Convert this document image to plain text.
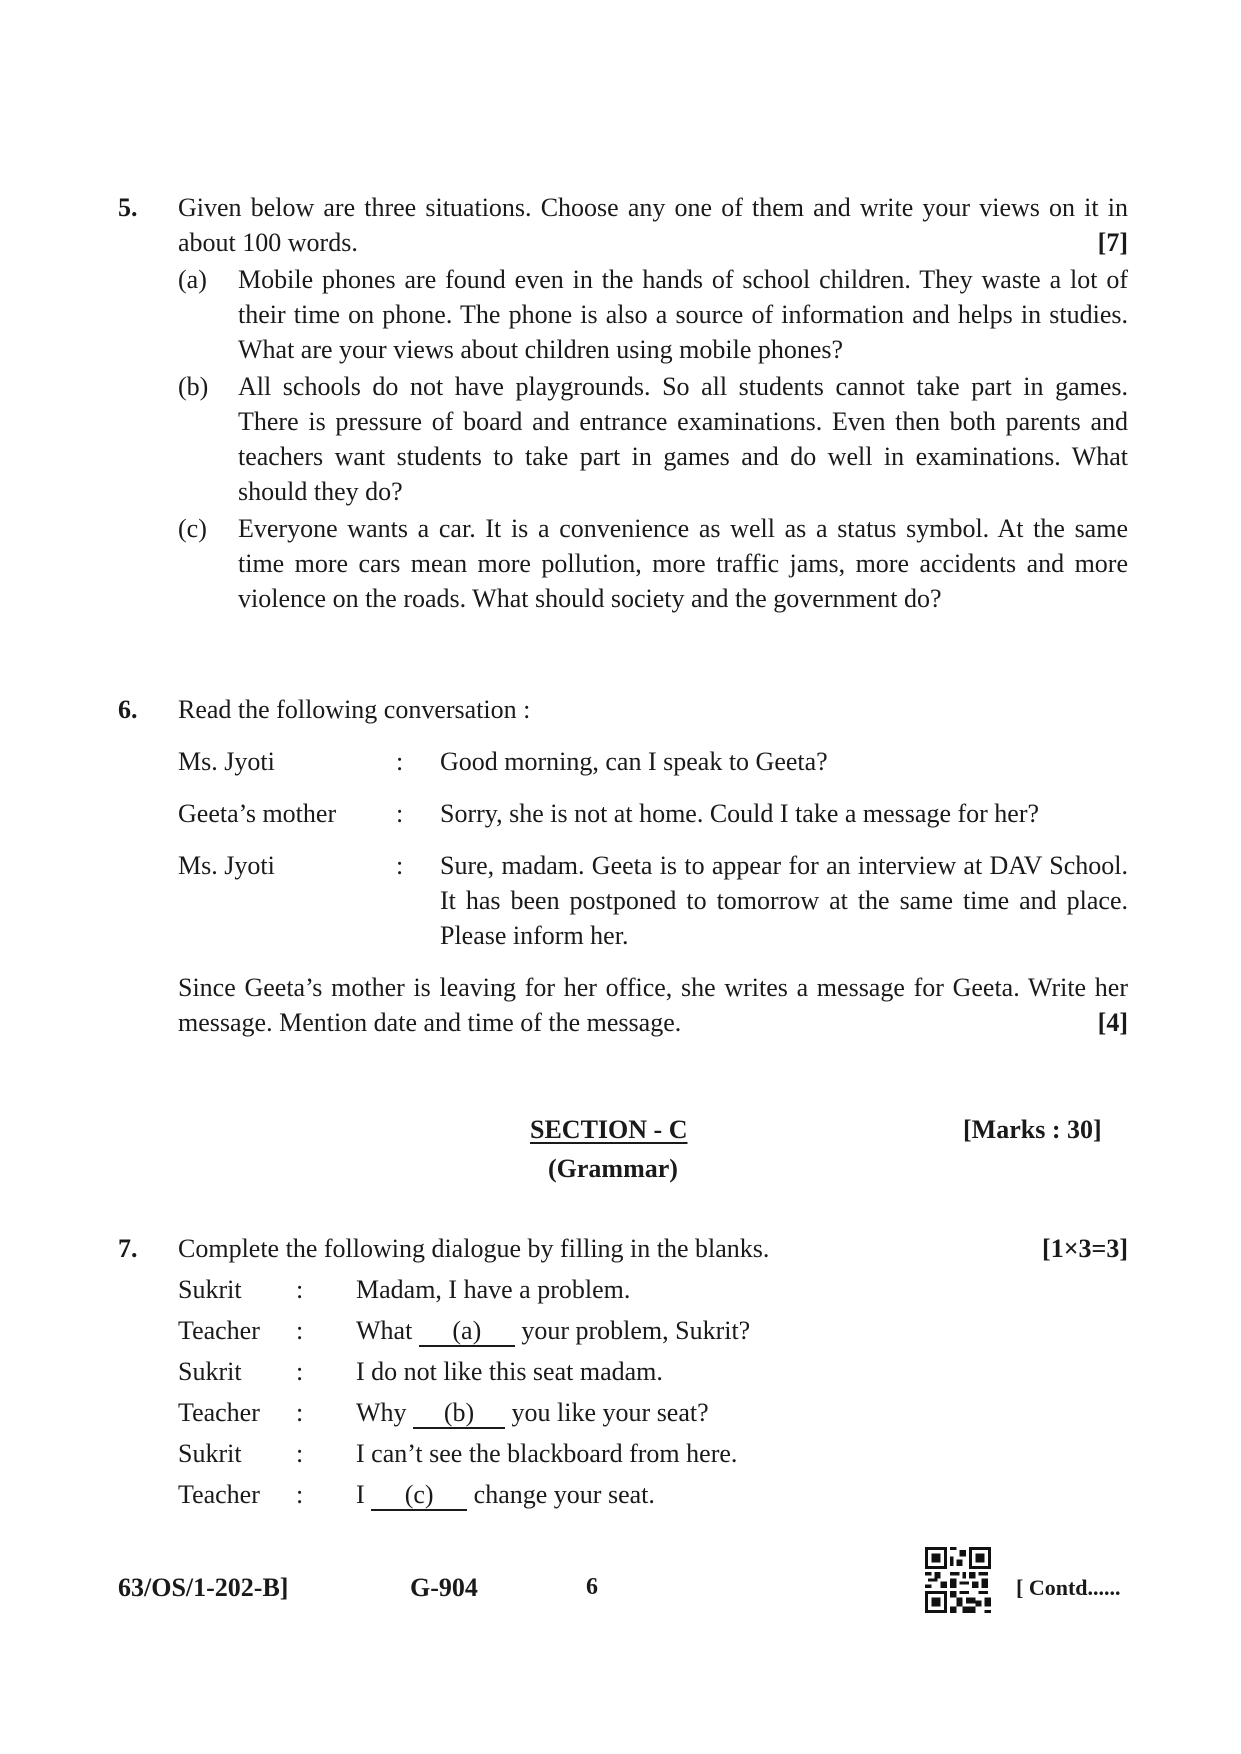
5. Given below are three situations. Choose any one of them and write your views on it in about 100 words.	[7]
(a) Mobile phones are found even in the hands of school children. They waste a lot of their time on phone. The phone is also a source of information and helps in studies. What are your views about children using mobile phones?
(b) All schools do not have playgrounds. So all students cannot take part in games. There is pressure of board and entrance examinations. Even then both parents and teachers want students to take part in games and do well in examinations. What should they do?
(c) Everyone wants a car. It is a convenience as well as a status symbol. At the same time more cars mean more pollution, more traffic jams, more accidents and more violence on the roads. What should society and the government do?
6. Read the following conversation :
Ms. Jyoti	:	Good morning, can I speak to Geeta?
Geeta’s mother	:	Sorry, she is not at home. Could I take a message for her?
Ms. Jyoti	:	Sure, madam. Geeta is to appear for an interview at DAV School. It has been postponed to tomorrow at the same time and place. Please inform her.
Since Geeta’s mother is leaving for her office, she writes a message for Geeta. Write her message. Mention date and time of the message.	[4]
SECTION - C
(Grammar)
[Marks : 30]
7. Complete the following dialogue by filling in the blanks.	[1×3=3]
Sukrit	:	Madam, I have a problem.
Teacher	:	What (a) your problem, Sukrit?
Sukrit	:	I do not like this seat madam.
Teacher	:	Why (b) you like your seat?
Sukrit	:	I can’t see the blackboard from here.
Teacher	:	I (c) change your seat.
63/OS/1-202-B]	G-904	6	[ Contd......
